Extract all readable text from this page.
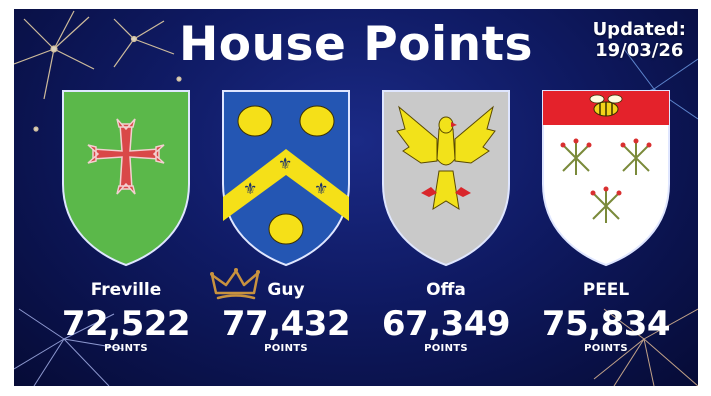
House Points	Updated:
19/03/26
Freville
72,522
POINTS
⚜
⚜
⚜
Guy
77,432
POINTS
Offa
67,349
POINTS
PEEL
75,834
POINTS
